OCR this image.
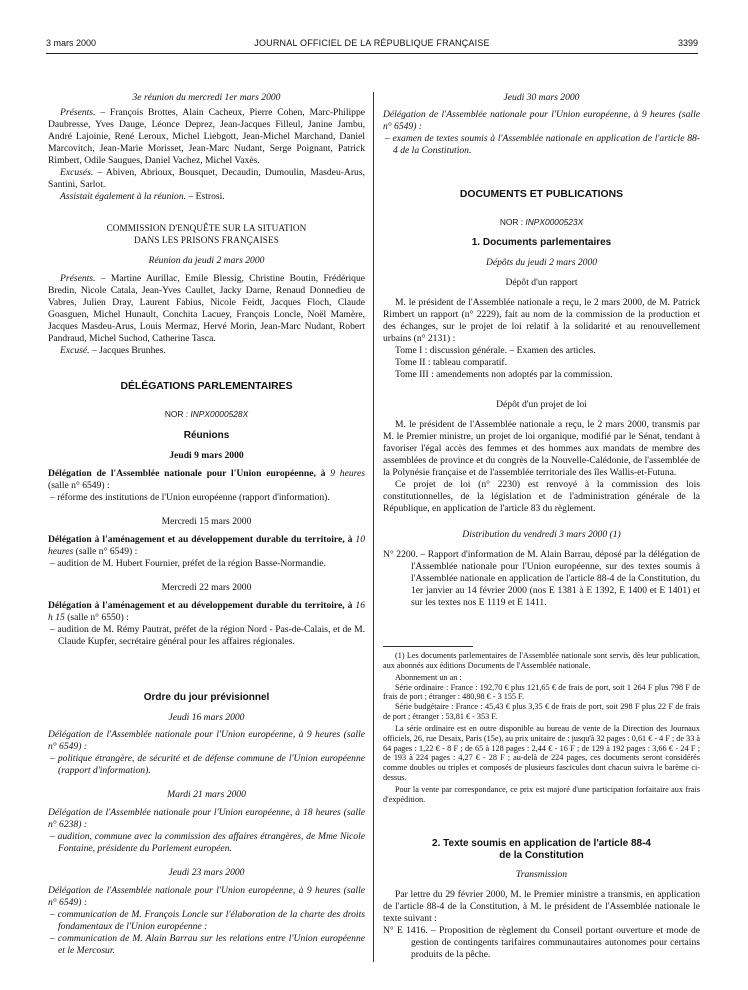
3 mars 2000	JOURNAL OFFICIEL DE LA RÉPUBLIQUE FRANÇAISE	3399

3e réunion du mercredi 1er mars 2000

Présents. – François Brottes, Alain Cacheux, Pierre Cohen, Marc-Philippe Daubresse, Yves Dauge, Léonce Deprez, Jean-Jacques Filleul, Janine Jambu, André Lajoinie, René Leroux, Michel Liebgott, Jean-Michel Marchand, Daniel Marcovitch, Jean-Marie Morisset, Jean-Marc Nudant, Serge Poignant, Patrick Rimbert, Odile Saugues, Daniel Vachez, Michel Vaxès.

Excusés. – Abiven, Abrioux, Bousquet, Decaudin, Dumoulin, Masdeu-Arus, Santini, Sarlot.

Assistait également à la réunion. – Estrosi.

COMMISSION D'ENQUÊTE SUR LA SITUATION

DANS LES PRISONS FRANÇAISES

Réunion du jeudi 2 mars 2000

Présents. – Martine Aurillac, Emile Blessig, Christine Boutin, Frédérique Bredin, Nicole Catala, Jean-Yves Caullet, Jacky Darne, Renaud Donnedieu de Vabres, Julien Dray, Laurent Fabius, Nicole Feidt, Jacques Floch, Claude Goasguen, Michel Hunault, Conchita Lacuey, François Loncle, Noël Mamère, Jacques Masdeu-Arus, Louis Mermaz, Hervé Morin, Jean-Marc Nudant, Robert Pandraud, Michel Suchod, Catherine Tasca.

Excusé. – Jacques Brunhes.

DÉLÉGATIONS PARLEMENTAIRES

NOR : INPX0000528X

Réunions

Jeudi 9 mars 2000

Délégation de l'Assemblée nationale pour l'Union européenne, à 9 heures (salle n° 6549) :

– réforme des institutions de l'Union européenne (rapport d'information).

Mercredi 15 mars 2000

Délégation à l'aménagement et au développement durable du territoire, à 10 heures (salle n° 6549) :

– audition de M. Hubert Fournier, préfet de la région Basse-Normandie.

Mercredi 22 mars 2000

Délégation à l'aménagement et au développement durable du territoire, à 16 h 15 (salle n° 6550) :

– audition de M. Rémy Pautrat, préfet de la région Nord - Pas-de-Calais, et de M. Claude Kupfer, secrétaire général pour les affaires régionales.

Ordre du jour prévisionnel

Jeudi 16 mars 2000

Délégation de l'Assemblée nationale pour l'Union européenne, à 9 heures (salle n° 6549) :

– politique étrangère, de sécurité et de défense commune de l'Union européenne (rapport d'information).

Mardi 21 mars 2000

Délégation de l'Assemblée nationale pour l'Union européenne, à 18 heures (salle n° 6238) :

– audition, commune avec la commission des affaires étrangères, de Mme Nicole Fontaine, présidente du Parlement européen.

Jeudi 23 mars 2000

Délégation de l'Assemblée nationale pour l'Union européenne, à 9 heures (salle n° 6549) :

– communication de M. François Loncle sur l'élaboration de la charte des droits fondamentaux de l'Union européenne :

– communication de M. Alain Barrau sur les relations entre l'Union européenne et le Mercosur.

Jeudi 30 mars 2000

Délégation de l'Assemblée nationale pour l'Union européenne, à 9 heures (salle n° 6549) :

– examen de textes soumis à l'Assemblée nationale en application de l'article 88-4 de la Constitution.

DOCUMENTS ET PUBLICATIONS

NOR : INPX0000523X

1. Documents parlementaires

Dépôts du jeudi 2 mars 2000

Dépôt d'un rapport

M. le président de l'Assemblée nationale a reçu, le 2 mars 2000, de M. Patrick Rimbert un rapport (n° 2229), fait au nom de la commission de la production et des échanges, sur le projet de loi relatif à la solidarité et au renouvellement urbains (n° 2131) :

Tome I : discussion générale. – Examen des articles.

Tome II : tableau comparatif.

Tome III : amendements non adoptés par la commission.

Dépôt d'un projet de loi

M. le président de l'Assemblée nationale a reçu, le 2 mars 2000, transmis par M. le Premier ministre, un projet de loi organique, modifié par le Sénat, tendant à favoriser l'égal accès des femmes et des hommes aux mandats de membre des assemblées de province et du congrès de la Nouvelle-Calédonie, de l'assemblée de la Polynésie française et de l'assemblée territoriale des îles Wallis-et-Futuna.

Ce projet de loi (n° 2230) est renvoyé à la commission des lois constitutionnelles, de la législation et de l'administration générale de la République, en application de l'article 83 du règlement.

Distribution du vendredi 3 mars 2000 (1)

N° 2200. – Rapport d'information de M. Alain Barrau, déposé par la délégation de l'Assemblée nationale pour l'Union européenne, sur des textes soumis à l'Assemblée nationale en application de l'article 88-4 de la Constitution, du 1er janvier au 14 février 2000 (nos E 1381 à E 1392, E 1400 et E 1401) et sur les textes nos E 1119 et E 1411.

(1) Les documents parlementaires de l'Assemblée nationale sont servis, dès leur publication, aux abonnés aux éditions Documents de l'Assemblée nationale.

Abonnement un an :

Série ordinaire : France : 192,70 € plus 121,65 € de frais de port, soit 1 264 F plus 798 F de frais de port ; étranger : 480,98 € - 3 155 F.

Série budgétaire : France : 45,43 € plus 3,35 € de frais de port, soit 298 F plus 22 F de frais de port ; étranger : 53,81 € - 353 F.

La série ordinaire est en outre disponible au bureau de vente de la Direction des Journaux officiels, 26, rue Desaix, Paris (15e), au prix unitaire de : jusqu'à 32 pages : 0,61 € - 4 F ; de 33 à 64 pages : 1,22 € - 8 F ; de 65 à 128 pages : 2,44 € - 16 F ; de 129 à 192 pages : 3,66 € - 24 F ; de 193 à 224 pages : 4,27 € - 28 F ; au-delà de 224 pages, ces documents seront considérés comme doubles ou triples et composés de plusieurs fascicules dont chacun suivra le barème ci-dessus.

Pour la vente par correspondance, ce prix est majoré d'une participation forfaitaire aux frais d'expédition.

2. Texte soumis en application de l'article 88-4

de la Constitution

Transmission

Par lettre du 29 février 2000, M. le Premier ministre a transmis, en application de l'article 88-4 de la Constitution, à M. le président de l'Assemblée nationale le texte suivant :

N° E 1416. – Proposition de règlement du Conseil portant ouverture et mode de gestion de contingents tarifaires communautaires autonomes pour certains produits de la pêche.
